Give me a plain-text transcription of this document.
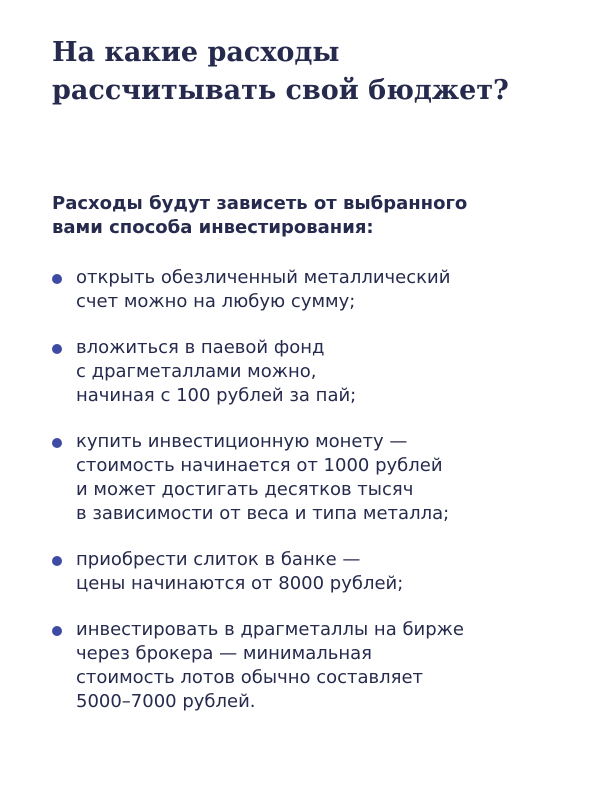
На какие расходы
рассчитывать свой бюджет?

Расходы будут зависеть от выбранного
вами способа инвестирования:

открыть обезличенный металлический
счет можно на любую сумму;
вложиться в паевой фонд
с драгметаллами можно,
начиная с 100 рублей за пай;
купить инвестиционную монету —
стоимость начинается от 1000 рублей
и может достигать десятков тысяч
в зависимости от веса и типа металла;
приобрести слиток в банке —
цены начинаются от 8000 рублей;
инвестировать в драгметаллы на бирже
через брокера — минимальная
стоимость лотов обычно составляет
5000–7000 рублей.
